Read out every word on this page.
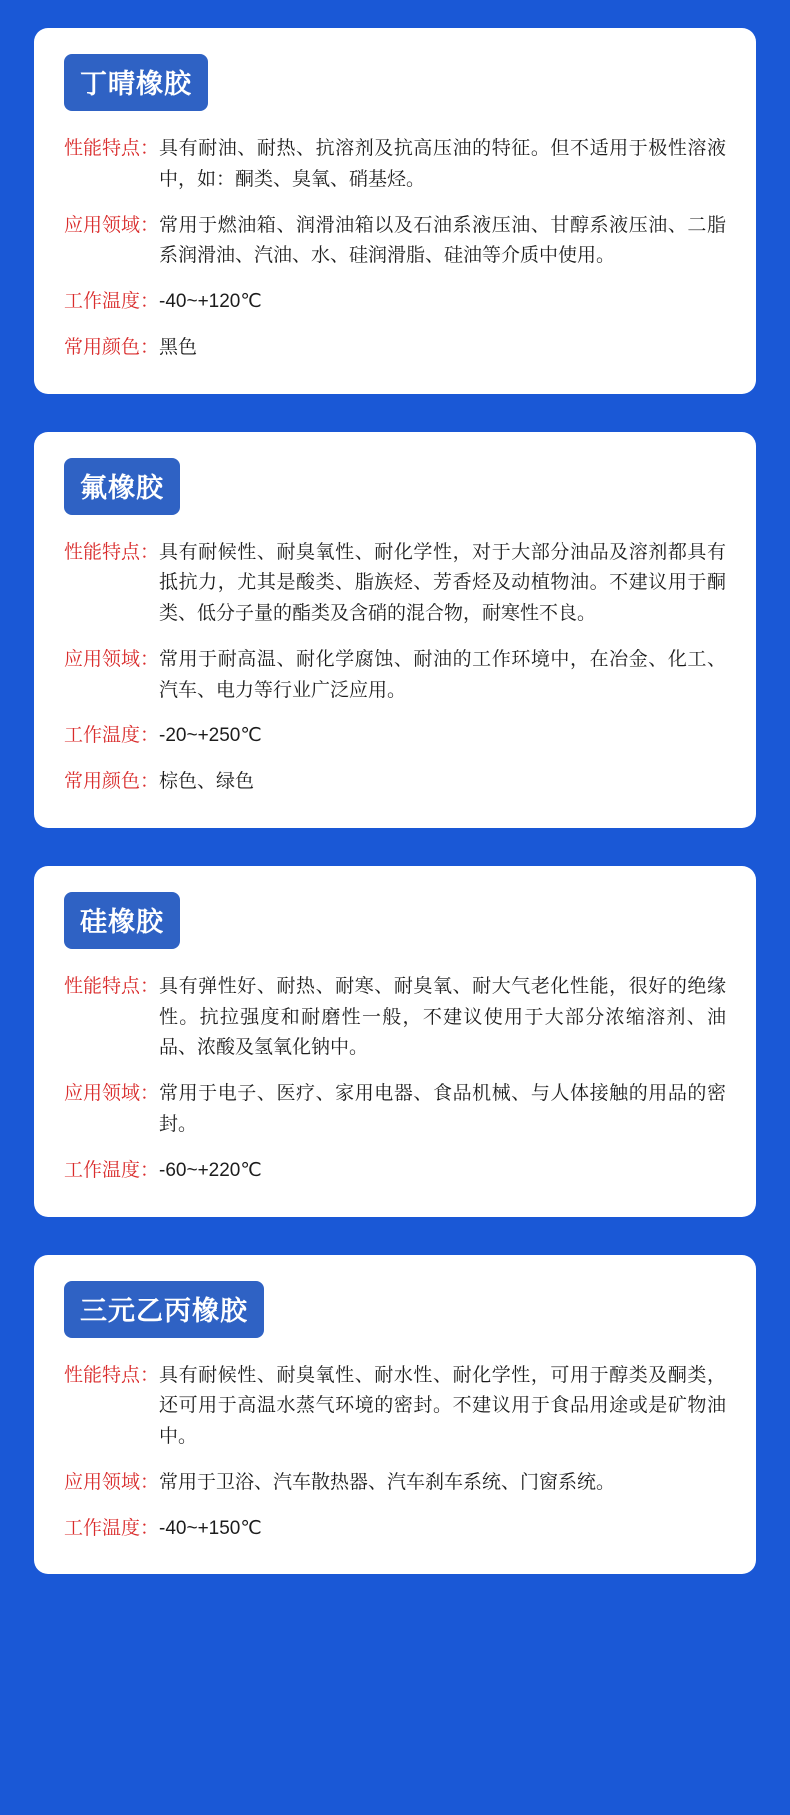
丁晴橡胶
性能特点： 具有耐油、耐热、抗溶剂及抗高压油的特征。但不适用于极性溶液中，如：酮类、臭氧、硝基烃。
应用领域： 常用于燃油箱、润滑油箱以及石油系液压油、甘醇系液压油、二脂系润滑油、汽油、水、硅润滑脂、硅油等介质中使用。
工作温度： -40~+120℃
常用颜色： 黑色
氟橡胶
性能特点： 具有耐候性、耐臭氧性、耐化学性，对于大部分油品及溶剂都具有抵抗力，尤其是酸类、脂族烃、芳香烃及动植物油。不建议用于酮类、低分子量的酯类及含硝的混合物，耐寒性不良。
应用领域： 常用于耐高温、耐化学腐蚀、耐油的工作环境中，在冶金、化工、汽车、电力等行业广泛应用。
工作温度： -20~+250℃
常用颜色： 棕色、绿色
硅橡胶
性能特点： 具有弹性好、耐热、耐寒、耐臭氧、耐大气老化性能，很好的绝缘性。抗拉强度和耐磨性一般，不建议使用于大部分浓缩溶剂、油品、浓酸及氢氧化钠中。
应用领域： 常用于电子、医疗、家用电器、食品机械、与人体接触的用品的密封。
工作温度： -60~+220℃
三元乙丙橡胶
性能特点： 具有耐候性、耐臭氧性、耐水性、耐化学性，可用于醇类及酮类，还可用于高温水蒸气环境的密封。不建议用于食品用途或是矿物油中。
应用领域： 常用于卫浴、汽车散热器、汽车刹车系统、门窗系统。
工作温度： -40~+150℃
